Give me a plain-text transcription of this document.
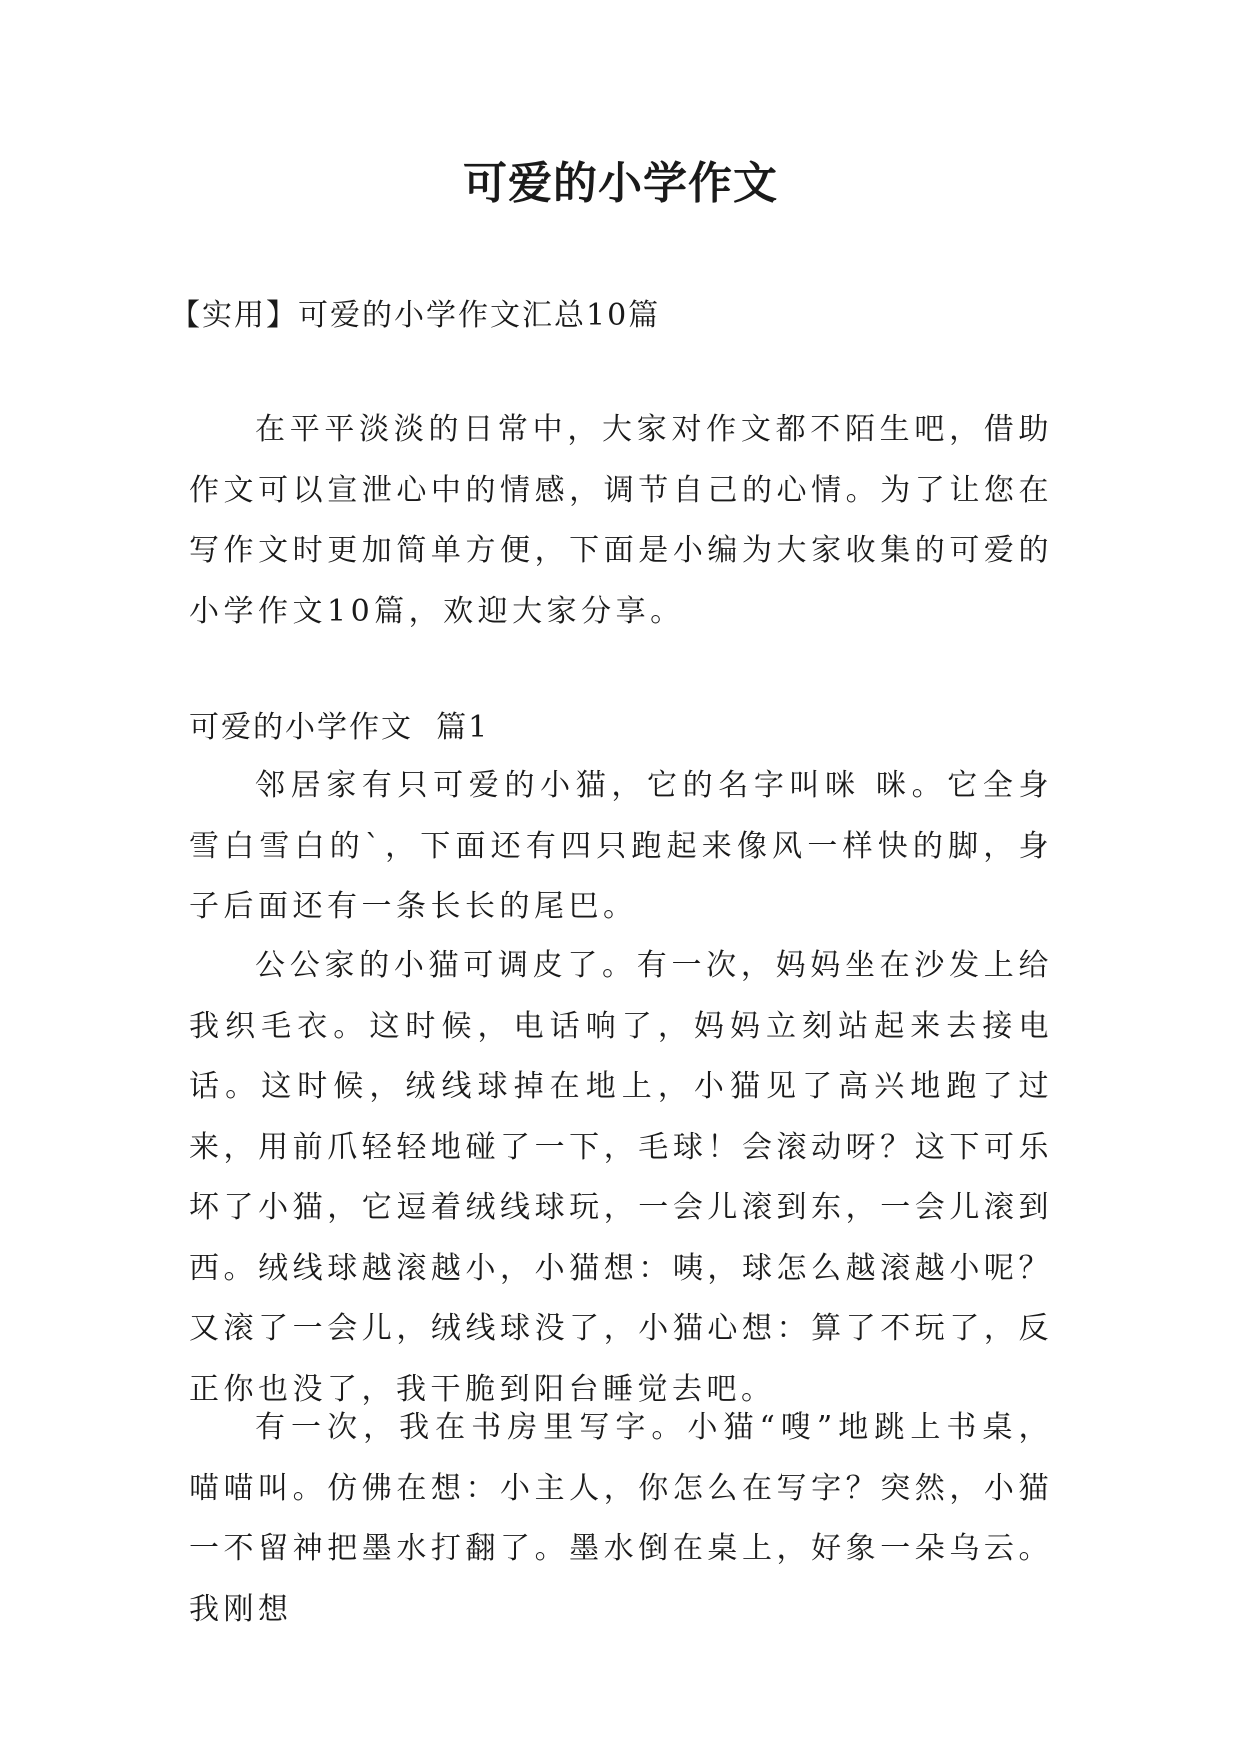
可爱的小学作文

【实用】可爱的小学作文汇总10篇

在平平淡淡的日常中，大家对作文都不陌生吧，借助作文可以宣泄心中的情感，调节自己的心情。为了让您在写作文时更加简单方便，下面是小编为大家收集的可爱的小学作文10篇，欢迎大家分享。

可爱的小学作文  篇1

邻居家有只可爱的小猫，它的名字叫咪 咪。它全身雪白雪白的`，下面还有四只跑起来像风一样快的脚，身子后面还有一条长长的尾巴。

公公家的小猫可调皮了。有一次，妈妈坐在沙发上给我织毛衣。这时候，电话响了，妈妈立刻站起来去接电话。这时候，绒线球掉在地上，小猫见了高兴地跑了过来，用前爪轻轻地碰了一下，毛球！会滚动呀？这下可乐坏了小猫，它逗着绒线球玩，一会儿滚到东，一会儿滚到西。绒线球越滚越小，小猫想：咦，球怎么越滚越小呢？又滚了一会儿，绒线球没了，小猫心想：算了不玩了，反正你也没了，我干脆到阳台睡觉去吧。

有一次，我在书房里写字。小猫“嗖”地跳上书桌，喵喵叫。仿佛在想：小主人，你怎么在写字？突然，小猫一不留神把墨水打翻了。墨水倒在桌上，好象一朵乌云。我刚想
